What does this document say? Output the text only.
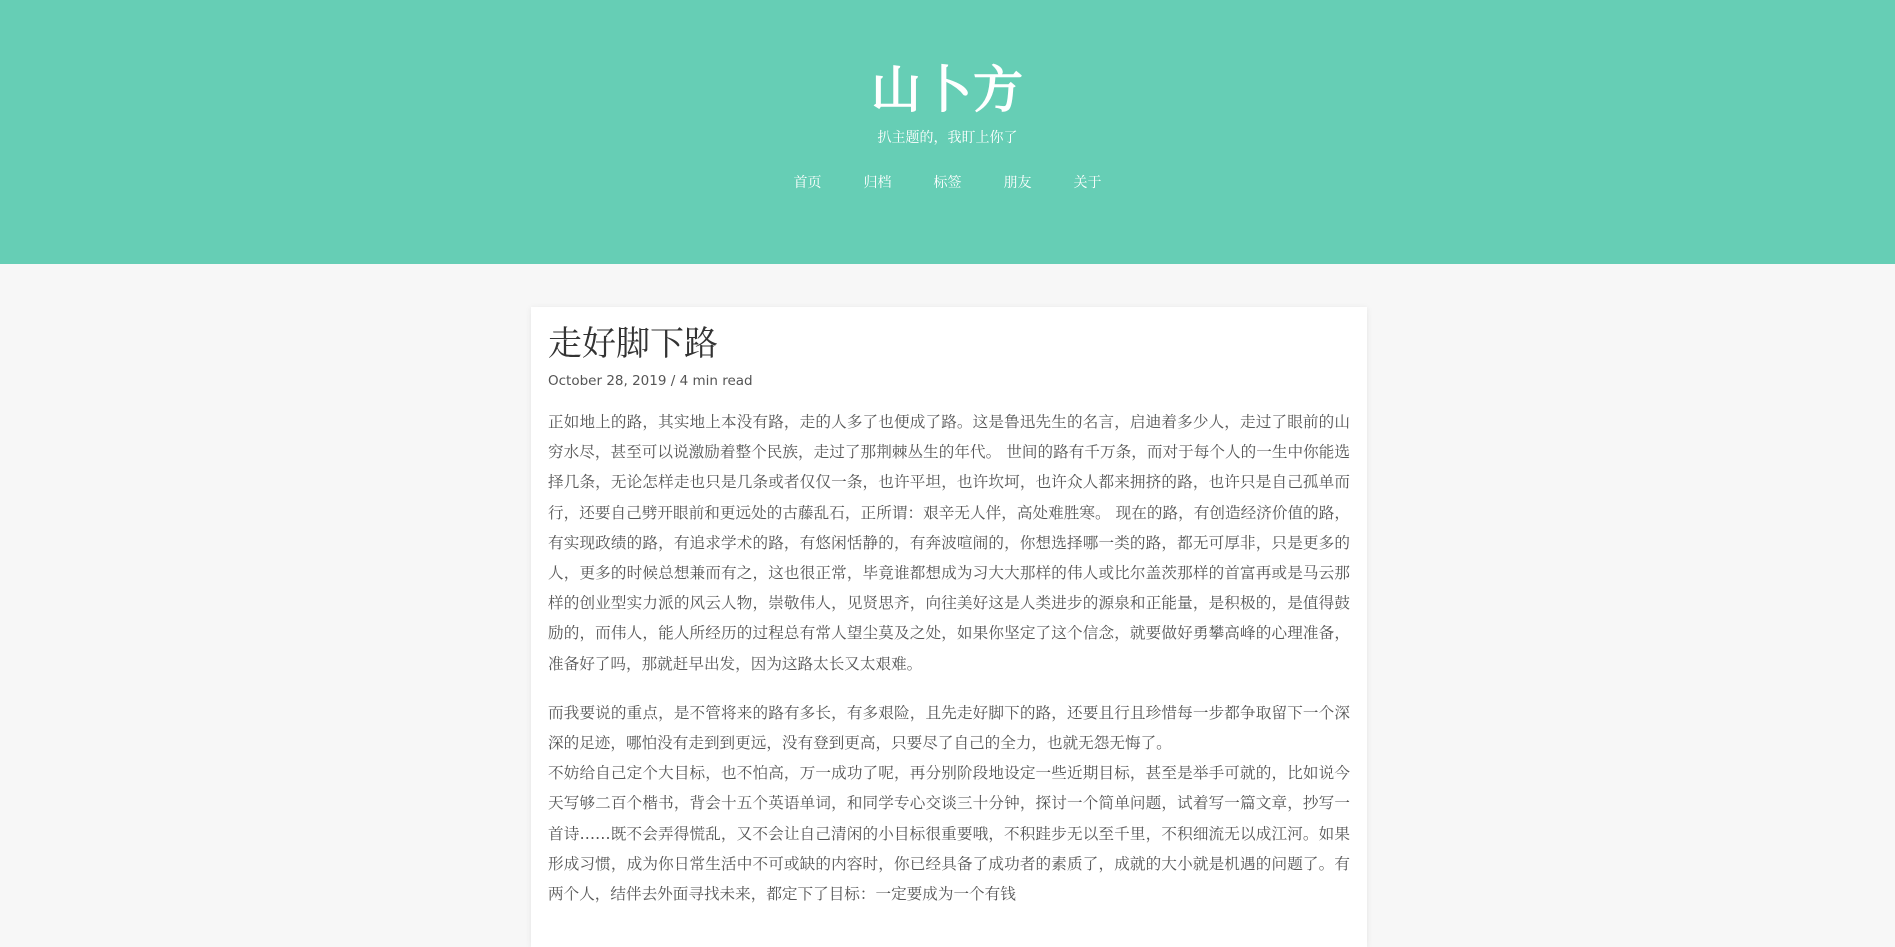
山卜方
扒主题的，我盯上你了
首页	归档	标签	朋友	关于
走好脚下路
October 28, 2019 / 4 min read

正如地上的路，其实地上本没有路，走的人多了也便成了路。这是鲁迅先生的名言，启迪着多少人，走过了眼前的山穷水尽，甚至可以说激励着整个民族，走过了那荆棘丛生的年代。 世间的路有千万条，而对于每个人的一生中你能选择几条，无论怎样走也只是几条或者仅仅一条，也许平坦，也许坎坷，也许众人都来拥挤的路，也许只是自己孤单而行，还要自己劈开眼前和更远处的古藤乱石，正所谓：艰辛无人伴，高处难胜寒。 现在的路，有创造经济价值的路，有实现政绩的路，有追求学术的路，有悠闲恬静的，有奔波喧闹的，你想选择哪一类的路，都无可厚非，只是更多的人，更多的时候总想兼而有之，这也很正常，毕竟谁都想成为习大大那样的伟人或比尔盖茨那样的首富再或是马云那样的创业型实力派的风云人物，崇敬伟人，见贤思齐，向往美好这是人类进步的源泉和正能量，是积极的，是值得鼓励的，而伟人，能人所经历的过程总有常人望尘莫及之处，如果你坚定了这个信念，就要做好勇攀高峰的心理准备，准备好了吗，那就赶早出发，因为这路太长又太艰难。

而我要说的重点，是不管将来的路有多长，有多艰险，且先走好脚下的路，还要且行且珍惜每一步都争取留下一个深深的足迹，哪怕没有走到到更远，没有登到更高，只要尽了自己的全力，也就无怨无悔了。

不妨给自己定个大目标，也不怕高，万一成功了呢，再分别阶段地设定一些近期目标，甚至是举手可就的，比如说今天写够二百个楷书，背会十五个英语单词，和同学专心交谈三十分钟，探讨一个简单问题，试着写一篇文章，抄写一首诗……既不会弄得慌乱，又不会让自己清闲的小目标很重要哦，不积跬步无以至千里，不积细流无以成江河。如果形成习惯，成为你日常生活中不可或缺的内容时，你已经具备了成功者的素质了，成就的大小就是机遇的问题了。有两个人，结伴去外面寻找未来，都定下了目标：一定要成为一个有钱
